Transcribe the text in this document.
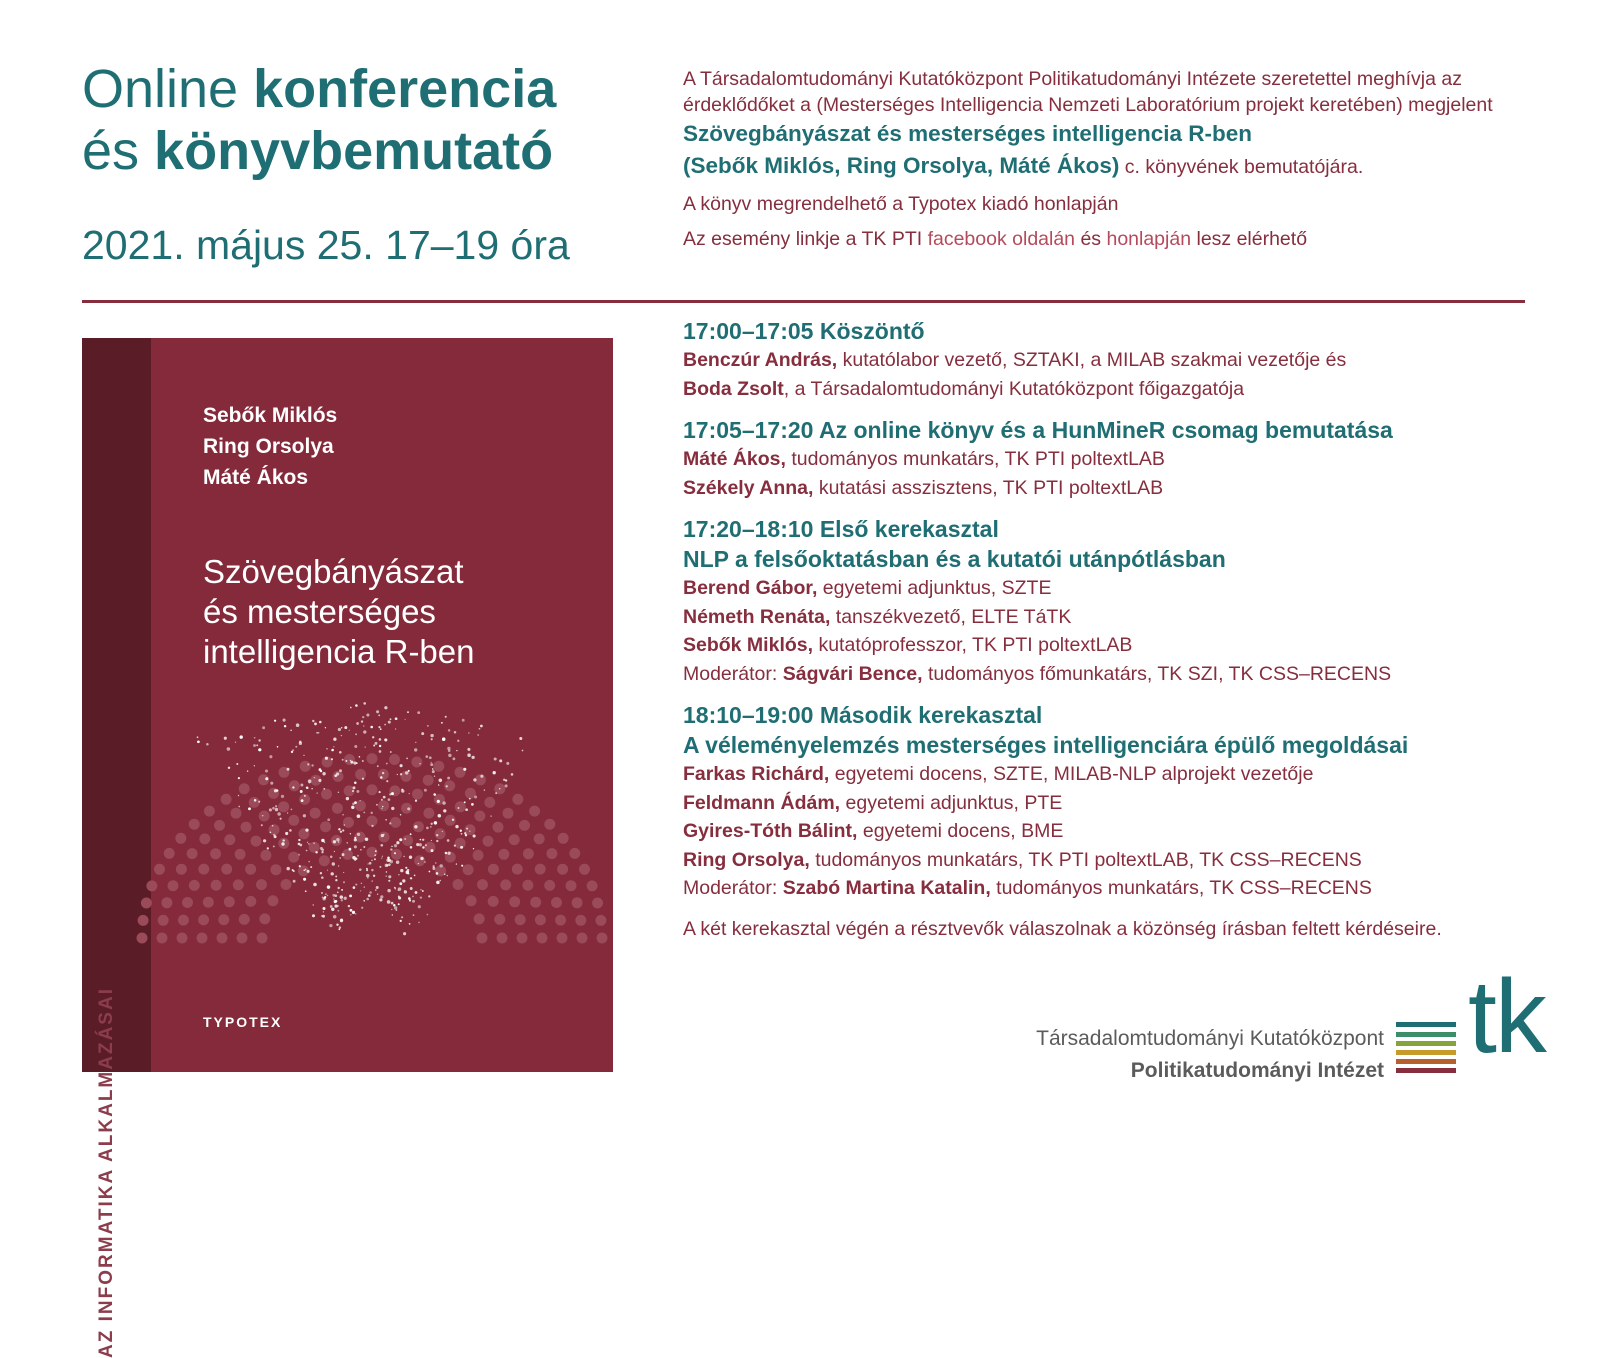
Online konferencia
és könyvbemutató
2021. május 25. 17–19 óra

A Társadalomtudományi Kutatóközpont Politikatudományi Intézete szeretettel meghívja az érdeklődőket a (Mesterséges Intelligencia Nemzeti Laboratórium projekt keretében) megjelent

Szövegbányászat és mesterséges intelligencia R-ben

(Sebők Miklós, Ring Orsolya, Máté Ákos) c. könyvének bemutatójára.

A könyv megrendelhető a Typotex kiadó honlapján

Az esemény linkje a TK PTI facebook oldalán és honlapján lesz elérhető

AZ INFORMATIKA ALKALMAZÁSAI
Sebők Miklós
Ring Orsolya
Máté Ákos
Szövegbányászat
és mesterséges
intelligencia R-ben
TYPOTEX
17:00–17:05 Köszöntő
Benczúr András, kutatólabor vezető, SZTAKI, a MILAB szakmai vezetője és
Boda Zsolt, a Társadalomtudományi Kutatóközpont főigazgatója
17:05–17:20 Az online könyv és a HunMineR csomag bemutatása
Máté Ákos, tudományos munkatárs, TK PTI poltextLAB
Székely Anna, kutatási asszisztens, TK PTI poltextLAB
17:20–18:10 Első kerekasztal
NLP a felsőoktatásban és a kutatói utánpótlásban
Berend Gábor, egyetemi adjunktus, SZTE
Németh Renáta, tanszékvezető, ELTE TáTK
Sebők Miklós, kutatóprofesszor, TK PTI poltextLAB
Moderátor: Ságvári Bence, tudományos főmunkatárs, TK SZI, TK CSS–RECENS
18:10–19:00 Második kerekasztal
A véleményelemzés mesterséges intelligenciára épülő megoldásai
Farkas Richárd, egyetemi docens, SZTE, MILAB-NLP alprojekt vezetője
Feldmann Ádám, egyetemi adjunktus, PTE
Gyires-Tóth Bálint, egyetemi docens, BME
Ring Orsolya, tudományos munkatárs, TK PTI poltextLAB, TK CSS–RECENS
Moderátor: Szabó Martina Katalin, tudományos munkatárs, TK CSS–RECENS
A két kerekasztal végén a résztvevők válaszolnak a közönség írásban feltett kérdéseire.
Társadalomtudományi Kutatóközpont
Politikatudományi Intézet tk
